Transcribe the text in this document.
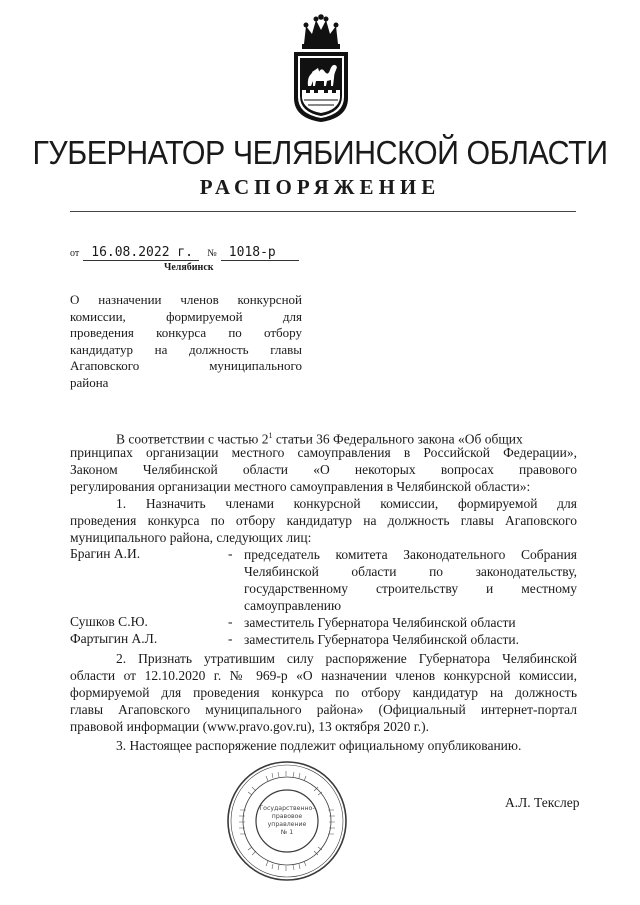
ГУБЕРНАТОР ЧЕЛЯБИНСКОЙ ОБЛАСТИ
РАСПОРЯЖЕНИЕ
от 16.08.2022 г. № 1018-р
Челябинск
О назначении членов конкурсной
комиссии, формируемой для
проведения конкурса по отбору
кандидатур на должность главы
Агаповского муниципального
района
В соответствии с частью $2^1$ статьи 36 Федерального закона «Об общих
принципах организации местного самоуправления в Российской Федерации»,
Законом Челябинской области «О некоторых вопросах правового
регулирования организации местного самоуправления в Челябинской области»:
1. Назначить членами конкурсной комиссии, формируемой для
проведения конкурса по отбору кандидатур на должность главы Агаповского
муниципального района, следующих лиц:
Брагин А.И.	- председатель комитета Законодательного Собрания
Челябинской области по законодательству,
государственному строительству и местному
самоуправлению
Сушков С.Ю.	- заместитель Губернатора Челябинской области
Фартыгин А.Л.	- заместитель Губернатора Челябинской области.
2. Признать утратившим силу распоряжение Губернатора Челябинской
области от 12.10.2020 г. № 969-р «О назначении членов конкурсной комиссии,
формируемой для проведения конкурса по отбору кандидатур на должность
главы Агаповского муниципального района» (Официальный интернет-портал
правовой информации (www.pravo.gov.ru), 13 октября 2020 г.).
3. Настоящее распоряжение подлежит официальному опубликованию.
Государственно-
правовое
управление
№ 1
А.Л. Текслер
